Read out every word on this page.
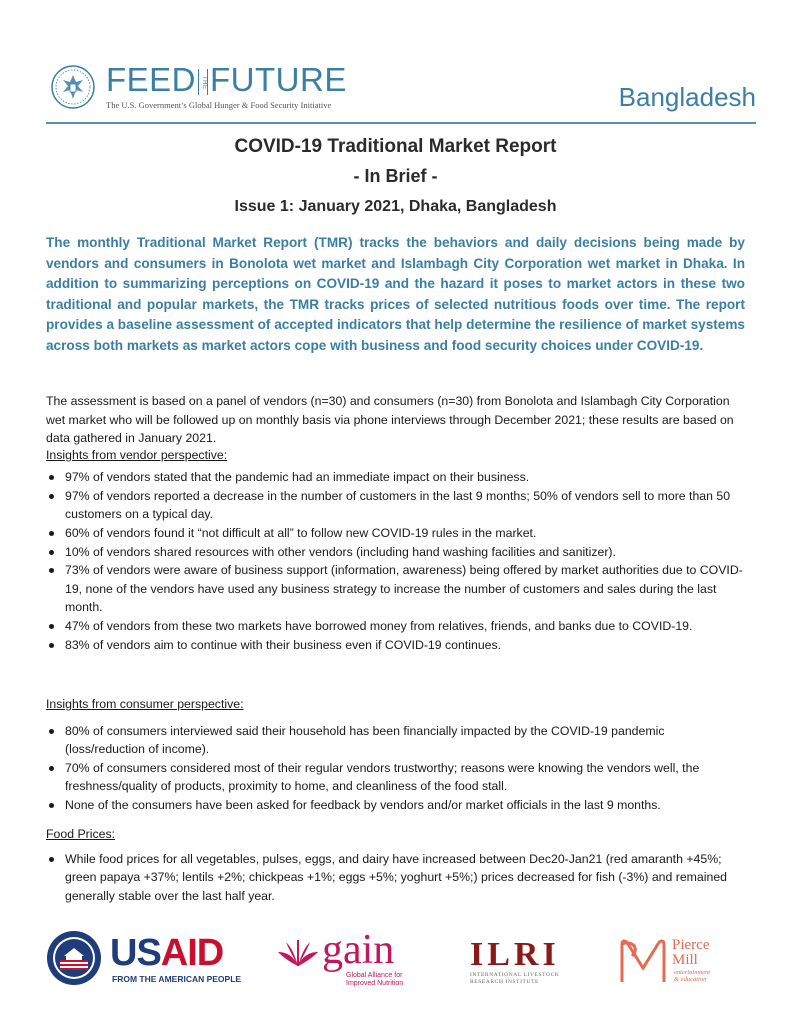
FEED THEFUTURE
The U.S. Government’s Global Hunger & Food Security Initiative	Bangladesh
COVID-19 Traditional Market Report
- In Brief -
Issue 1: January 2021, Dhaka, Bangladesh
The monthly Traditional Market Report (TMR) tracks the behaviors and daily decisions being made by vendors and consumers in Bonolota wet market and Islambagh City Corporation wet market in Dhaka. In addition to summarizing perceptions on COVID-19 and the hazard it poses to market actors in these two traditional and popular markets, the TMR tracks prices of selected nutritious foods over time. The report provides a baseline assessment of accepted indicators that help determine the resilience of market systems across both markets as market actors cope with business and food security choices under COVID-19.
The assessment is based on a panel of vendors (n=30) and consumers (n=30) from Bonolota and Islambagh City Corporation wet market who will be followed up on monthly basis via phone interviews through December 2021; these results are based on data gathered in January 2021.
Insights from vendor perspective:
97% of vendors stated that the pandemic had an immediate impact on their business.
97% of vendors reported a decrease in the number of customers in the last 9 months; 50% of vendors sell to more than 50 customers on a typical day.
60% of vendors found it “not difficult at all” to follow new COVID-19 rules in the market.
10% of vendors shared resources with other vendors (including hand washing facilities and sanitizer).
73% of vendors were aware of business support (information, awareness) being offered by market authorities due to COVID-19, none of the vendors have used any business strategy to increase the number of customers and sales during the last month.
47% of vendors from these two markets have borrowed money from relatives, friends, and banks due to COVID-19.
83% of vendors aim to continue with their business even if COVID-19 continues.
Insights from consumer perspective:
80% of consumers interviewed said their household has been financially impacted by the COVID-19 pandemic (loss/reduction of income).
70% of consumers considered most of their regular vendors trustworthy; reasons were knowing the vendors well, the freshness/quality of products, proximity to home, and cleanliness of the food stall.
None of the consumers have been asked for feedback by vendors and/or market officials in the last 9 months.
Food Prices:
While food prices for all vegetables, pulses, eggs, and dairy have increased between Dec20-Jan21 (red amaranth +45%; green papaya +37%; lentils +2%; chickpeas +1%; eggs +5%; yoghurt +5%;) prices decreased for fish (-3%) and remained generally stable over the last half year.
USAID
FROM THE AMERICAN PEOPLE
gain
Global Alliance for
Improved Nutrition
ILRI
INTERNATIONAL LIVESTOCK RESEARCH INSTITUTE
Pierce
Mill
entertainment
& education
